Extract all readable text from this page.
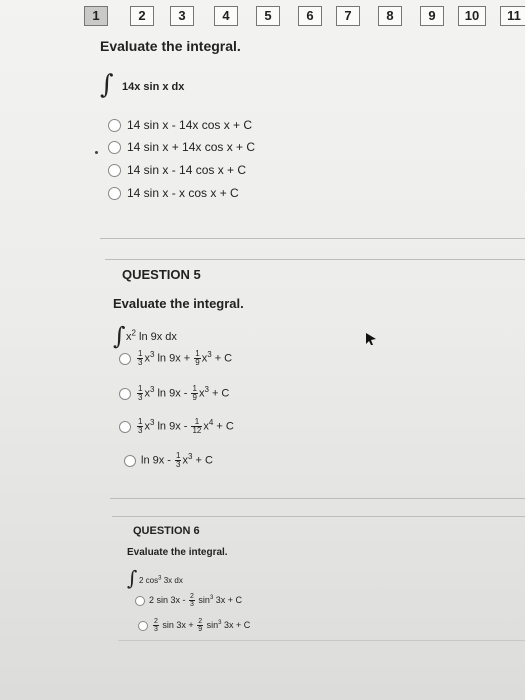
1	2	3	4	5	6	7	8	9	10	11
Evaluate the integral.
∫ 14x sin x dx
14 sin x - 14x cos x + C
14 sin x + 14x cos x + C
14 sin x - 14 cos x + C
14 sin x - x cos x + C
QUESTION 5
Evaluate the integral.
∫ $x^2$ ln 9x dx
$\frac{1}{3} x^3$ $\ln 9x + \frac{1}{9} x^3 + C$
$\frac{1}{3} x^3$ $\ln 9x - \frac{1}{9} x^3 + C$
$\frac{1}{3} x^3$ $\ln 9x - \frac{1}{12} x^4 + C$
$\ln 9x - \frac{1}{3} x^3 + C$
QUESTION 6
Evaluate the integral.
∫ 2 $\cos^3 3x$ dx
2 $\sin 3x - \frac{2}{3} \sin^3 3x + C$
$\frac{2}{3}$ $\sin 3x + \frac{2}{9} \sin^3 3x + C$
